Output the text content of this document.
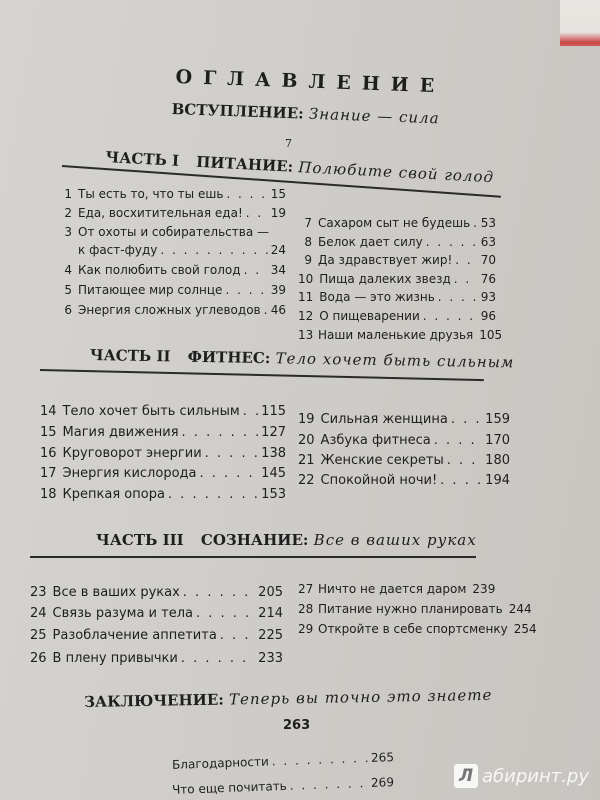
ОГЛАВЛЕНИЕ
ВСТУПЛЕНИЕ: Знание — сила
7
ЧАСТЬ I ПИТАНИЕ: Полюбите свой голод
1 Ты есть то, что ты ешь . . .	15
2 Еда, восхитительная еда! . . . 19
3 От охоты и собирательства —
к фаст-фуду . . .	24
4 Как полюбить свой голод . . .	34
5 Питающее мир солнце . . .	39
6 Энергия сложных углеводов . . . 46
7 Сахаром сыт не будешь . . . 53
8 Белок дает силу . . .	63
9 Да здравствует жир! . . . 70
10 Пища далеких звезд . . . 76
11 Вода — это жизнь . . .	93
12 О пищеварении . . .	96
13 Наши маленькие друзья 105
ЧАСТЬ II ФИТНЕС: Тело хочет быть сильным
14 Тело хочет быть сильным . . . 115
15 Магия движения . . .	127
16 Круговорот энергии . . .	138
17 Энергия кислорода . . .	145
18 Крепкая опора . . .	153
19 Сильная женщина . . .	159
20 Азбука фитнеса . . .	170
21 Женские секреты . . .	180
22 Спокойной ночи! . . .	194
ЧАСТЬ III СОЗНАНИЕ: Все в ваших руках
23 Все в ваших руках . . .	205
24 Связь разума и тела . . .	214
25 Разоблачение аппетита . . .	225
26 В плену привычки . . .	233
27 Ничто не дается даром 239
28 Питание нужно планировать 244
29 Откройте в себе спортсменку 254
ЗАКЛЮЧЕНИЕ: Теперь вы точно это знаете
263
Благодарности . . .	265
Что еще почитать . . .	269	Л абиринт.ру
